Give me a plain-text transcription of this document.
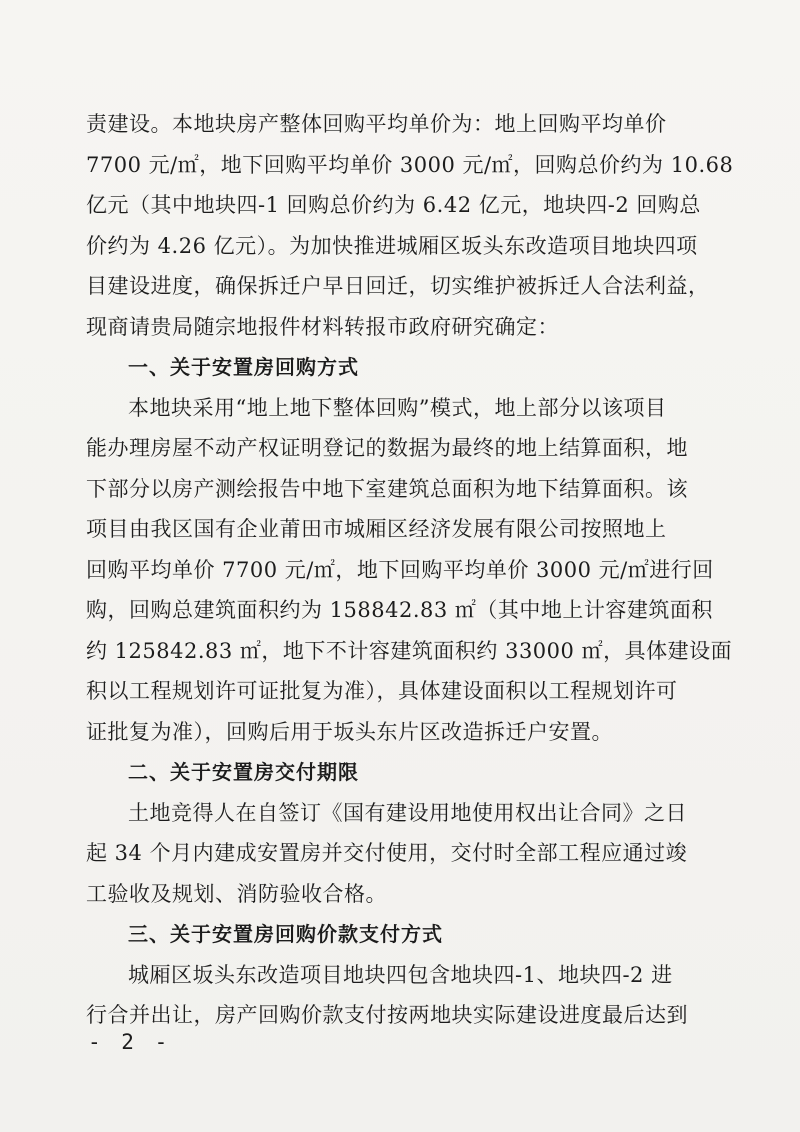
责建设。本地块房产整体回购平均单价为：地上回购平均单价
7700 元/㎡，地下回购平均单价 3000 元/㎡，回购总价约为 10.68
亿元（其中地块四-1 回购总价约为 6.42 亿元，地块四-2 回购总
价约为 4.26 亿元）。为加快推进城厢区坂头东改造项目地块四项
目建设进度，确保拆迁户早日回迁，切实维护被拆迁人合法利益，
现商请贵局随宗地报件材料转报市政府研究确定：
一、关于安置房回购方式
本地块采用“地上地下整体回购”模式，地上部分以该项目
能办理房屋不动产权证明登记的数据为最终的地上结算面积，地
下部分以房产测绘报告中地下室建筑总面积为地下结算面积。该
项目由我区国有企业莆田市城厢区经济发展有限公司按照地上
回购平均单价 7700 元/㎡，地下回购平均单价 3000 元/㎡进行回
购，回购总建筑面积约为 158842.83 ㎡（其中地上计容建筑面积
约 125842.83 ㎡，地下不计容建筑面积约 33000 ㎡，具体建设面
积以工程规划许可证批复为准），具体建设面积以工程规划许可
证批复为准），回购后用于坂头东片区改造拆迁户安置。
二、关于安置房交付期限
土地竞得人在自签订《国有建设用地使用权出让合同》之日
起 34 个月内建成安置房并交付使用，交付时全部工程应通过竣
工验收及规划、消防验收合格。
三、关于安置房回购价款支付方式
城厢区坂头东改造项目地块四包含地块四-1、地块四-2 进
行合并出让，房产回购价款支付按两地块实际建设进度最后达到
- 2 -
